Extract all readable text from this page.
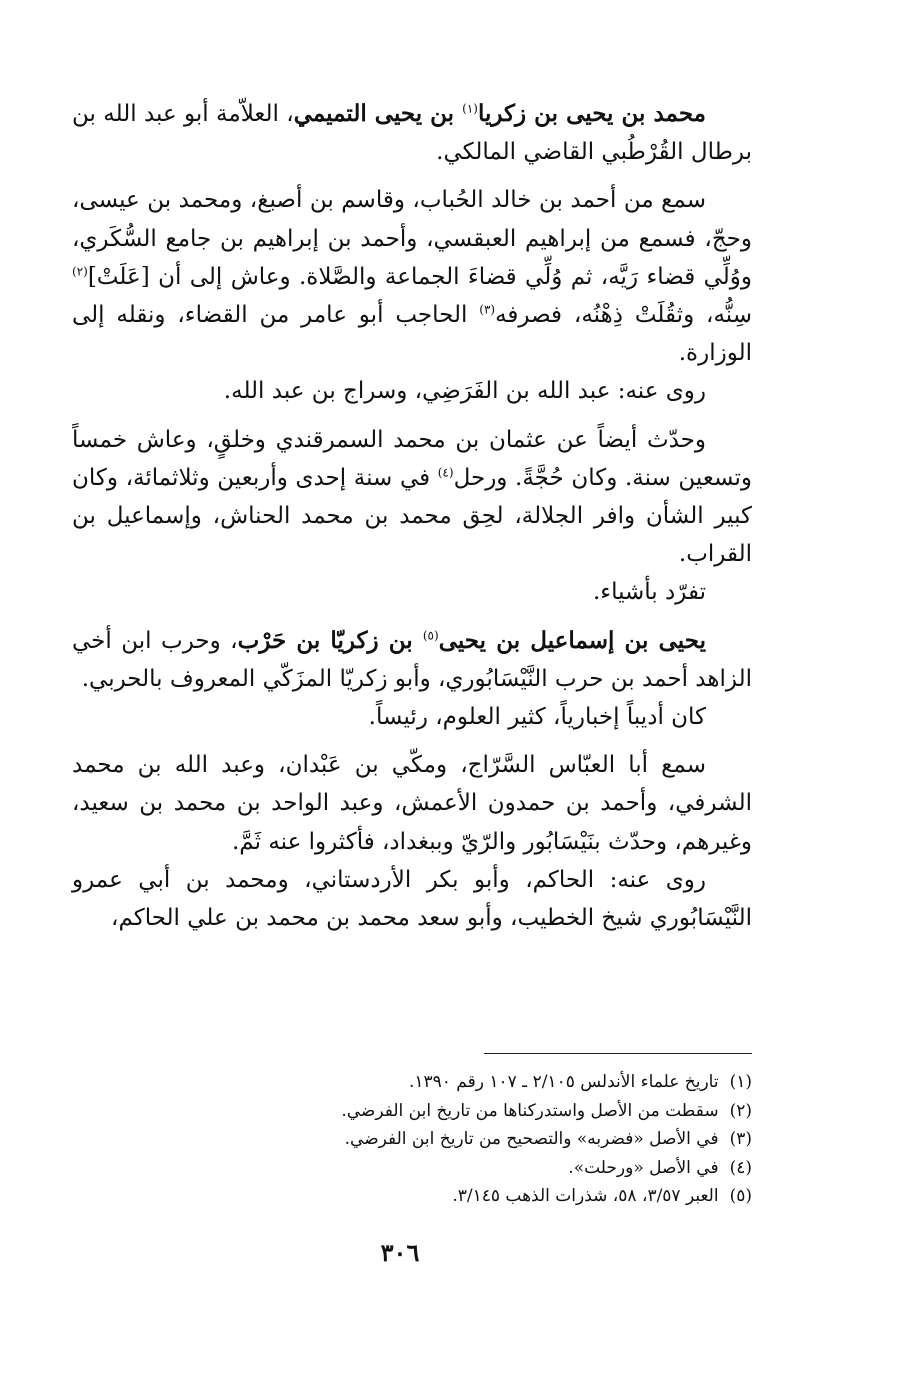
محمد بن يحيى بن زكريا$^{(١)}$ بن يحيى التميمي، العلاّمة أبو عبد الله بن برطال القُرْطُبي القاضي المالكي.

سمع من أحمد بن خالد الحُباب، وقاسم بن أصبغ، ومحمد بن عيسى، وحجّ، فسمع من إبراهيم العبقسي، وأحمد بن إبراهيم بن جامع السُّكَري، ووُلِّي قضاء رَيَّه، ثم وُلِّي قضاءَ الجماعة والصَّلاة. وعاش إلى أن [عَلَتْ]$^{(٢)}$ سِنُّه، وثقُلَتْ ذِهْنُه، فصرفه$^{(٣)}$ الحاجب أبو عامر من القضاء، ونقله إلى الوزارة.

روى عنه: عبد الله بن الفَرَضِي، وسراج بن عبد الله.

وحدّث أيضاً عن عثمان بن محمد السمرقندي وخلقٍ، وعاش خمساً وتسعين سنة. وكان حُجَّةً. ورحل$^{(٤)}$ في سنة إحدى وأربعين وثلاثمائة، وكان كبير الشأن وافر الجلالة، لحِق محمد بن محمد الحناش، وإسماعيل بن القراب.

تفرّد بأشياء.

يحيى بن إسماعيل بن يحيى$^{(٥)}$ بن زكريّا بن حَرْب، وحرب ابن أخي الزاهد أحمد بن حرب النَّيْسَابُوري، وأبو زكريّا المزَكّي المعروف بالحربي.

كان أديباً إخبارياً، كثير العلوم، رئيساً.

سمع أبا العبّاس السَّرّاج، ومكّي بن عَبْدان، وعبد الله بن محمد الشرفي، وأحمد بن حمدون الأعمش، وعبد الواحد بن محمد بن سعيد، وغيرهم، وحدّث بنَيْسَابُور والرّيّ وببغداد، فأكثروا عنه ثَمَّ.

روى عنه: الحاكم، وأبو بكر الأردستاني، ومحمد بن أبي عمرو النَّيْسَابُوري شيخ الخطيب، وأبو سعد محمد بن محمد بن علي الحاكم،

(١) تاريخ علماء الأندلس ٢/١٠٥ ـ ١٠٧ رقم ١٣٩٠.

(٢) سقطت من الأصل واستدركناها من تاريخ ابن الفرضي.

(٣) في الأصل «فضربه» والتصحيح من تاريخ ابن الفرضي.

(٤) في الأصل «ورحلت».

(٥) العبر ٣/٥٧، ٥٨، شذرات الذهب ٣/١٤٥.

٣٠٦
